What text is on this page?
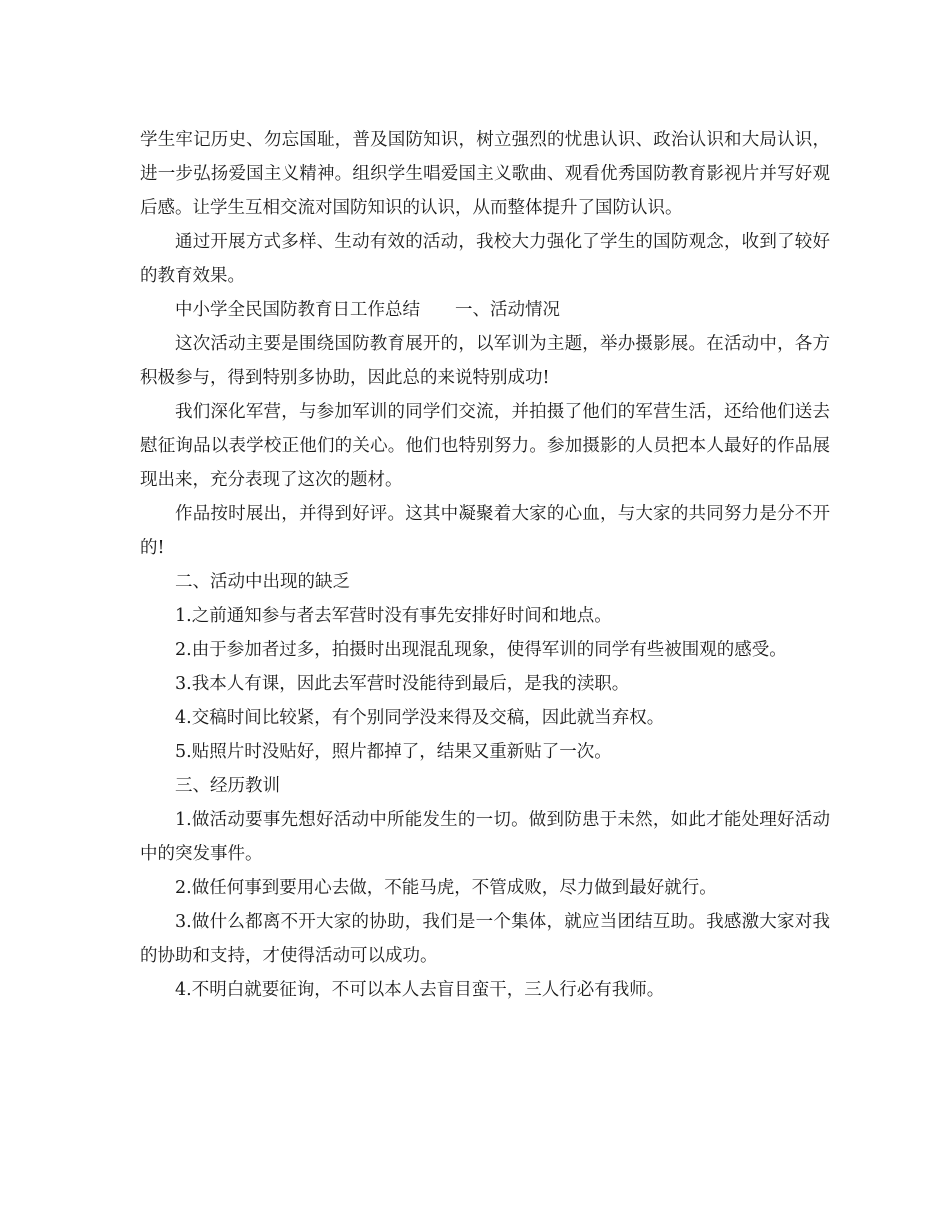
学生牢记历史、勿忘国耻，普及国防知识，树立强烈的忧患认识、政治认识和大局认识，进一步弘扬爱国主义精神。组织学生唱爱国主义歌曲、观看优秀国防教育影视片并写好观后感。让学生互相交流对国防知识的认识，从而整体提升了国防认识。

通过开展方式多样、生动有效的活动，我校大力强化了学生的国防观念，收到了较好的教育效果。

中小学全民国防教育日工作总结　　一、活动情况

这次活动主要是围绕国防教育展开的，以军训为主题，举办摄影展。在活动中，各方积极参与，得到特别多协助，因此总的来说特别成功!

我们深化军营，与参加军训的同学们交流，并拍摄了他们的军营生活，还给他们送去慰征询品以表学校正他们的关心。他们也特别努力。参加摄影的人员把本人最好的作品展现出来，充分表现了这次的题材。

作品按时展出，并得到好评。这其中凝聚着大家的心血，与大家的共同努力是分不开的!

二、活动中出现的缺乏

1.之前通知参与者去军营时没有事先安排好时间和地点。

2.由于参加者过多，拍摄时出现混乱现象，使得军训的同学有些被围观的感受。

3.我本人有课，因此去军营时没能待到最后，是我的渎职。

4.交稿时间比较紧，有个别同学没来得及交稿，因此就当弃权。

5.贴照片时没贴好，照片都掉了，结果又重新贴了一次。

三、经历教训

1.做活动要事先想好活动中所能发生的一切。做到防患于未然，如此才能处理好活动中的突发事件。

2.做任何事到要用心去做，不能马虎，不管成败，尽力做到最好就行。

3.做什么都离不开大家的协助，我们是一个集体，就应当团结互助。我感激大家对我的协助和支持，才使得活动可以成功。

4.不明白就要征询，不可以本人去盲目蛮干，三人行必有我师。
